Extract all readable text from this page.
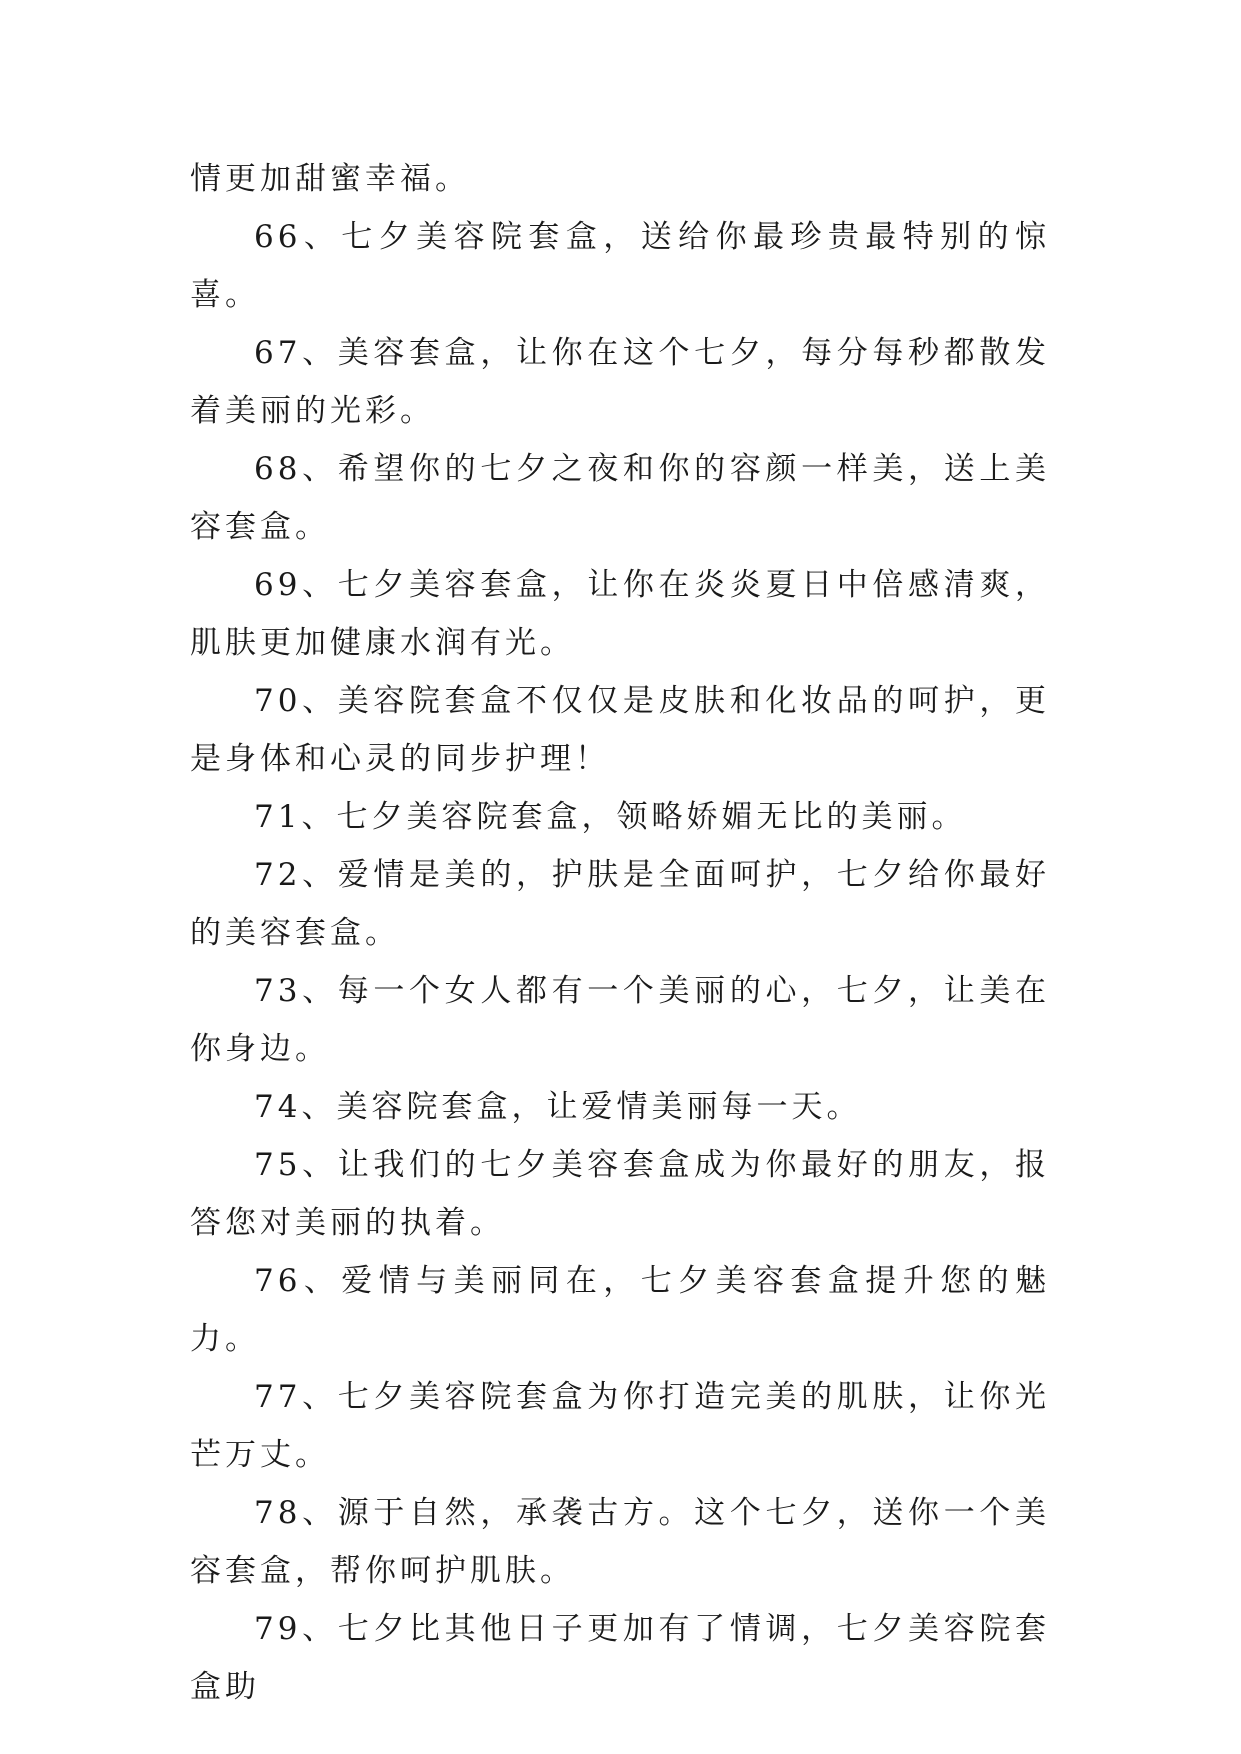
情更加甜蜜幸福。

66、七夕美容院套盒，送给你最珍贵最特别的惊喜。

67、美容套盒，让你在这个七夕，每分每秒都散发着美丽的光彩。

68、希望你的七夕之夜和你的容颜一样美，送上美容套盒。

69、七夕美容套盒，让你在炎炎夏日中倍感清爽，肌肤更加健康水润有光。

70、美容院套盒不仅仅是皮肤和化妆品的呵护，更是身体和心灵的同步护理！

71、七夕美容院套盒，领略娇媚无比的美丽。

72、爱情是美的，护肤是全面呵护，七夕给你最好的美容套盒。

73、每一个女人都有一个美丽的心，七夕，让美在你身边。

74、美容院套盒，让爱情美丽每一天。

75、让我们的七夕美容套盒成为你最好的朋友，报答您对美丽的执着。

76、爱情与美丽同在，七夕美容套盒提升您的魅力。

77、七夕美容院套盒为你打造完美的肌肤，让你光芒万丈。

78、源于自然，承袭古方。这个七夕，送你一个美容套盒，帮你呵护肌肤。

79、七夕比其他日子更加有了情调，七夕美容院套盒助
